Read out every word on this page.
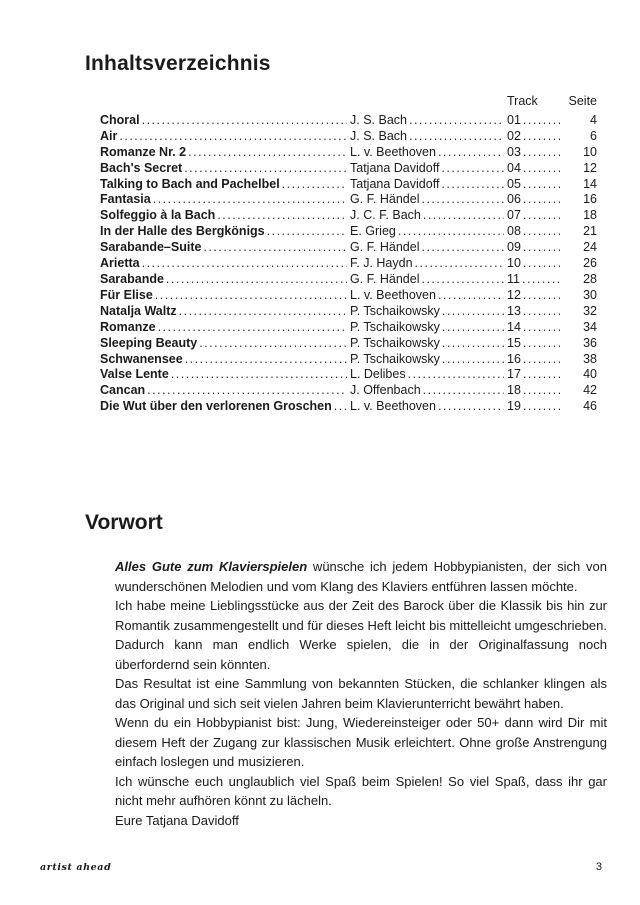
Inhaltsverzeichnis
Track	Seite
Choral .....	J. S. Bach .....	01 .....	4
Air .....	J. S. Bach .....	02 .....	6
Romanze Nr. 2 .....	L. v. Beethoven .....	03 .....	10
Bach's Secret .....	Tatjana Davidoff .....	04 .....	12
Talking to Bach and Pachelbel .....	Tatjana Davidoff .....	05 .....	14
Fantasia .....	G. F. Händel .....	06 .....	16
Solfeggio à la Bach .....	J. C. F. Bach .....	07 .....	18
In der Halle des Bergkönigs .....	E. Grieg .....	08 .....	21
Sarabande–Suite .....	G. F. Händel .....	09 .....	24
Arietta .....	F. J. Haydn .....	10 .....	26
Sarabande .....	G. F. Händel .....	11 .....	28
Für Elise .....	L. v. Beethoven .....	12 .....	30
Natalja Waltz .....	P. Tschaikowsky .....	13 .....	32
Romanze .....	P. Tschaikowsky .....	14 .....	34
Sleeping Beauty .....	P. Tschaikowsky .....	15 .....	36
Schwanensee .....	P. Tschaikowsky .....	16 .....	38
Valse Lente .....	L. Delibes .....	17 .....	40
Cancan .....	J. Offenbach .....	18 .....	42
Die Wut über den verlorenen Groschen ..... L. v. Beethoven .....	19 .....	46
Vorwort

Alles Gute zum Klavierspielen wünsche ich jedem Hobbypianisten, der sich von wunderschönen Melodien und vom Klang des Klaviers entführen lassen möchte.

Ich habe meine Lieblingsstücke aus der Zeit des Barock über die Klassik bis hin zur Romantik zusammengestellt und für dieses Heft leicht bis mittelleicht umgeschrieben. Dadurch kann man endlich Werke spielen, die in der Originalfassung noch überfordernd sein könnten.

Das Resultat ist eine Sammlung von bekannten Stücken, die schlanker klingen als das Original und sich seit vielen Jahren beim Klavierunterricht bewährt haben.

Wenn du ein Hobbypianist bist: Jung, Wiedereinsteiger oder 50+ dann wird Dir mit diesem Heft der Zugang zur klassischen Musik erleichtert. Ohne große Anstrengung einfach loslegen und musizieren.

Ich wünsche euch unglaublich viel Spaß beim Spielen! So viel Spaß, dass ihr gar nicht mehr aufhören könnt zu lächeln.

Eure Tatjana Davidoff

artist ahead	3
